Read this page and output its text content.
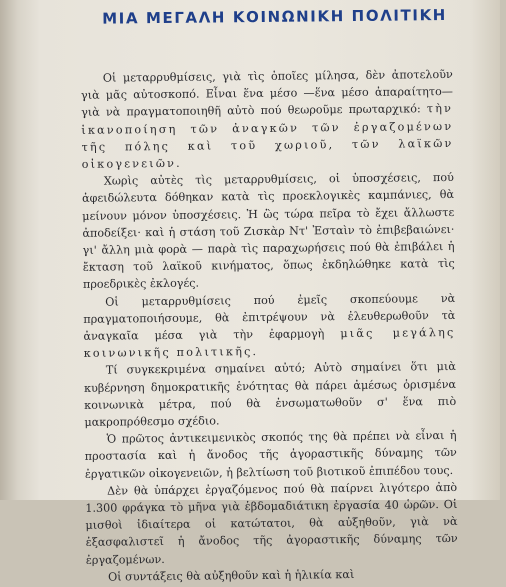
ΜΙΑ ΜΕΓΑΛΗ ΚΟΙΝΩΝΙΚΗ ΠΟΛΙΤΙΚΗ

Οἱ μεταρρυθμίσεις, γιὰ τὶς ὁποῖες μίλησα, δὲν ἀποτελοῦν γιὰ μᾶς αὐτοσκοπό. Εἶναι ἕνα μέσο —ἕνα μέσο ἀπαραίτητο— γιὰ νὰ πραγματοποιηθῆ αὐτὸ πού θεωροῦμε πρωταρχικό: τὴν ἱκανοποίηση τῶν ἀναγκῶν τῶν ἐργαζομένων τῆς πόλης καὶ τοῦ χωριοῦ, τῶν λαϊκῶν οἰκογενειῶν.

Χωρὶς αὐτὲς τὶς μεταρρυθμίσεις, οἱ ὑποσχέσεις, πού ἀφειδώλευτα δόθηκαν κατὰ τὶς προεκλογικὲς καμπάνιες, θὰ μείνουν μόνον ὑποσχέσεις. Ἡ ὣς τώρα πεῖρα τὸ ἔχει ἄλλωστε ἀποδείξει· καὶ ἡ στάση τοῦ Ζισκὰρ Ντ' Ἐσταὶν τὸ ἐπιβεβαιώνει· γι' ἄλλη μιὰ φορὰ — παρὰ τὶς παραχωρήσεις πού θὰ ἐπιβάλει ἡ ἔκταση τοῦ λαϊκοῦ κινήματος, ὅπως ἐκδηλώθηκε κατὰ τὶς προεδρικὲς ἐκλογές.

Οἱ μεταρρυθμίσεις πού ἐμεῖς σκοπεύουμε νὰ πραγματοποιήσουμε, θὰ ἐπιτρέψουν νὰ ἐλευθερωθοῦν τὰ ἀναγκαῖα μέσα γιὰ τὴν ἐφαρμογὴ μιᾶς μεγάλης κοινωνικῆς πολιτικῆς.

Τί συγκεκριμένα σημαίνει αὐτό; Αὐτὸ σημαίνει ὅτι μιὰ κυβέρνηση δημοκρατικῆς ἑνότητας θὰ πάρει ἀμέσως ὁρισμένα κοινωνικὰ μέτρα, πού θὰ ἐνσωματωθοῦν σ' ἕνα πιὸ μακροπρόθεσμο σχέδιο.

Ὁ πρῶτος ἀντικειμενικὸς σκοπός της θὰ πρέπει νὰ εἶναι ἡ προστασία καὶ ἡ ἄνοδος τῆς ἀγοραστικῆς δύναμης τῶν ἐργατικῶν οἰκογενειῶν, ἡ βελτίωση τοῦ βιοτικοῦ ἐπιπέδου τους.

Δὲν θὰ ὑπάρχει ἐργαζόμενος πού θὰ παίρνει λιγότερο ἀπὸ 1.300 φράγκα τὸ μῆνα γιὰ ἑβδομαδιάτικη ἐργασία 40 ὡρῶν. Οἱ μισθοὶ ἰδιαίτερα οἱ κατώτατοι, θὰ αὐξηθοῦν, γιὰ νὰ ἐξασφαλιστεῖ ἡ ἄνοδος τῆς ἀγοραστικῆς δύναμης τῶν ἐργαζομένων.

Οἱ συντάξεις θὰ αὐξηθοῦν καὶ ἡ ἡλικία καὶ
